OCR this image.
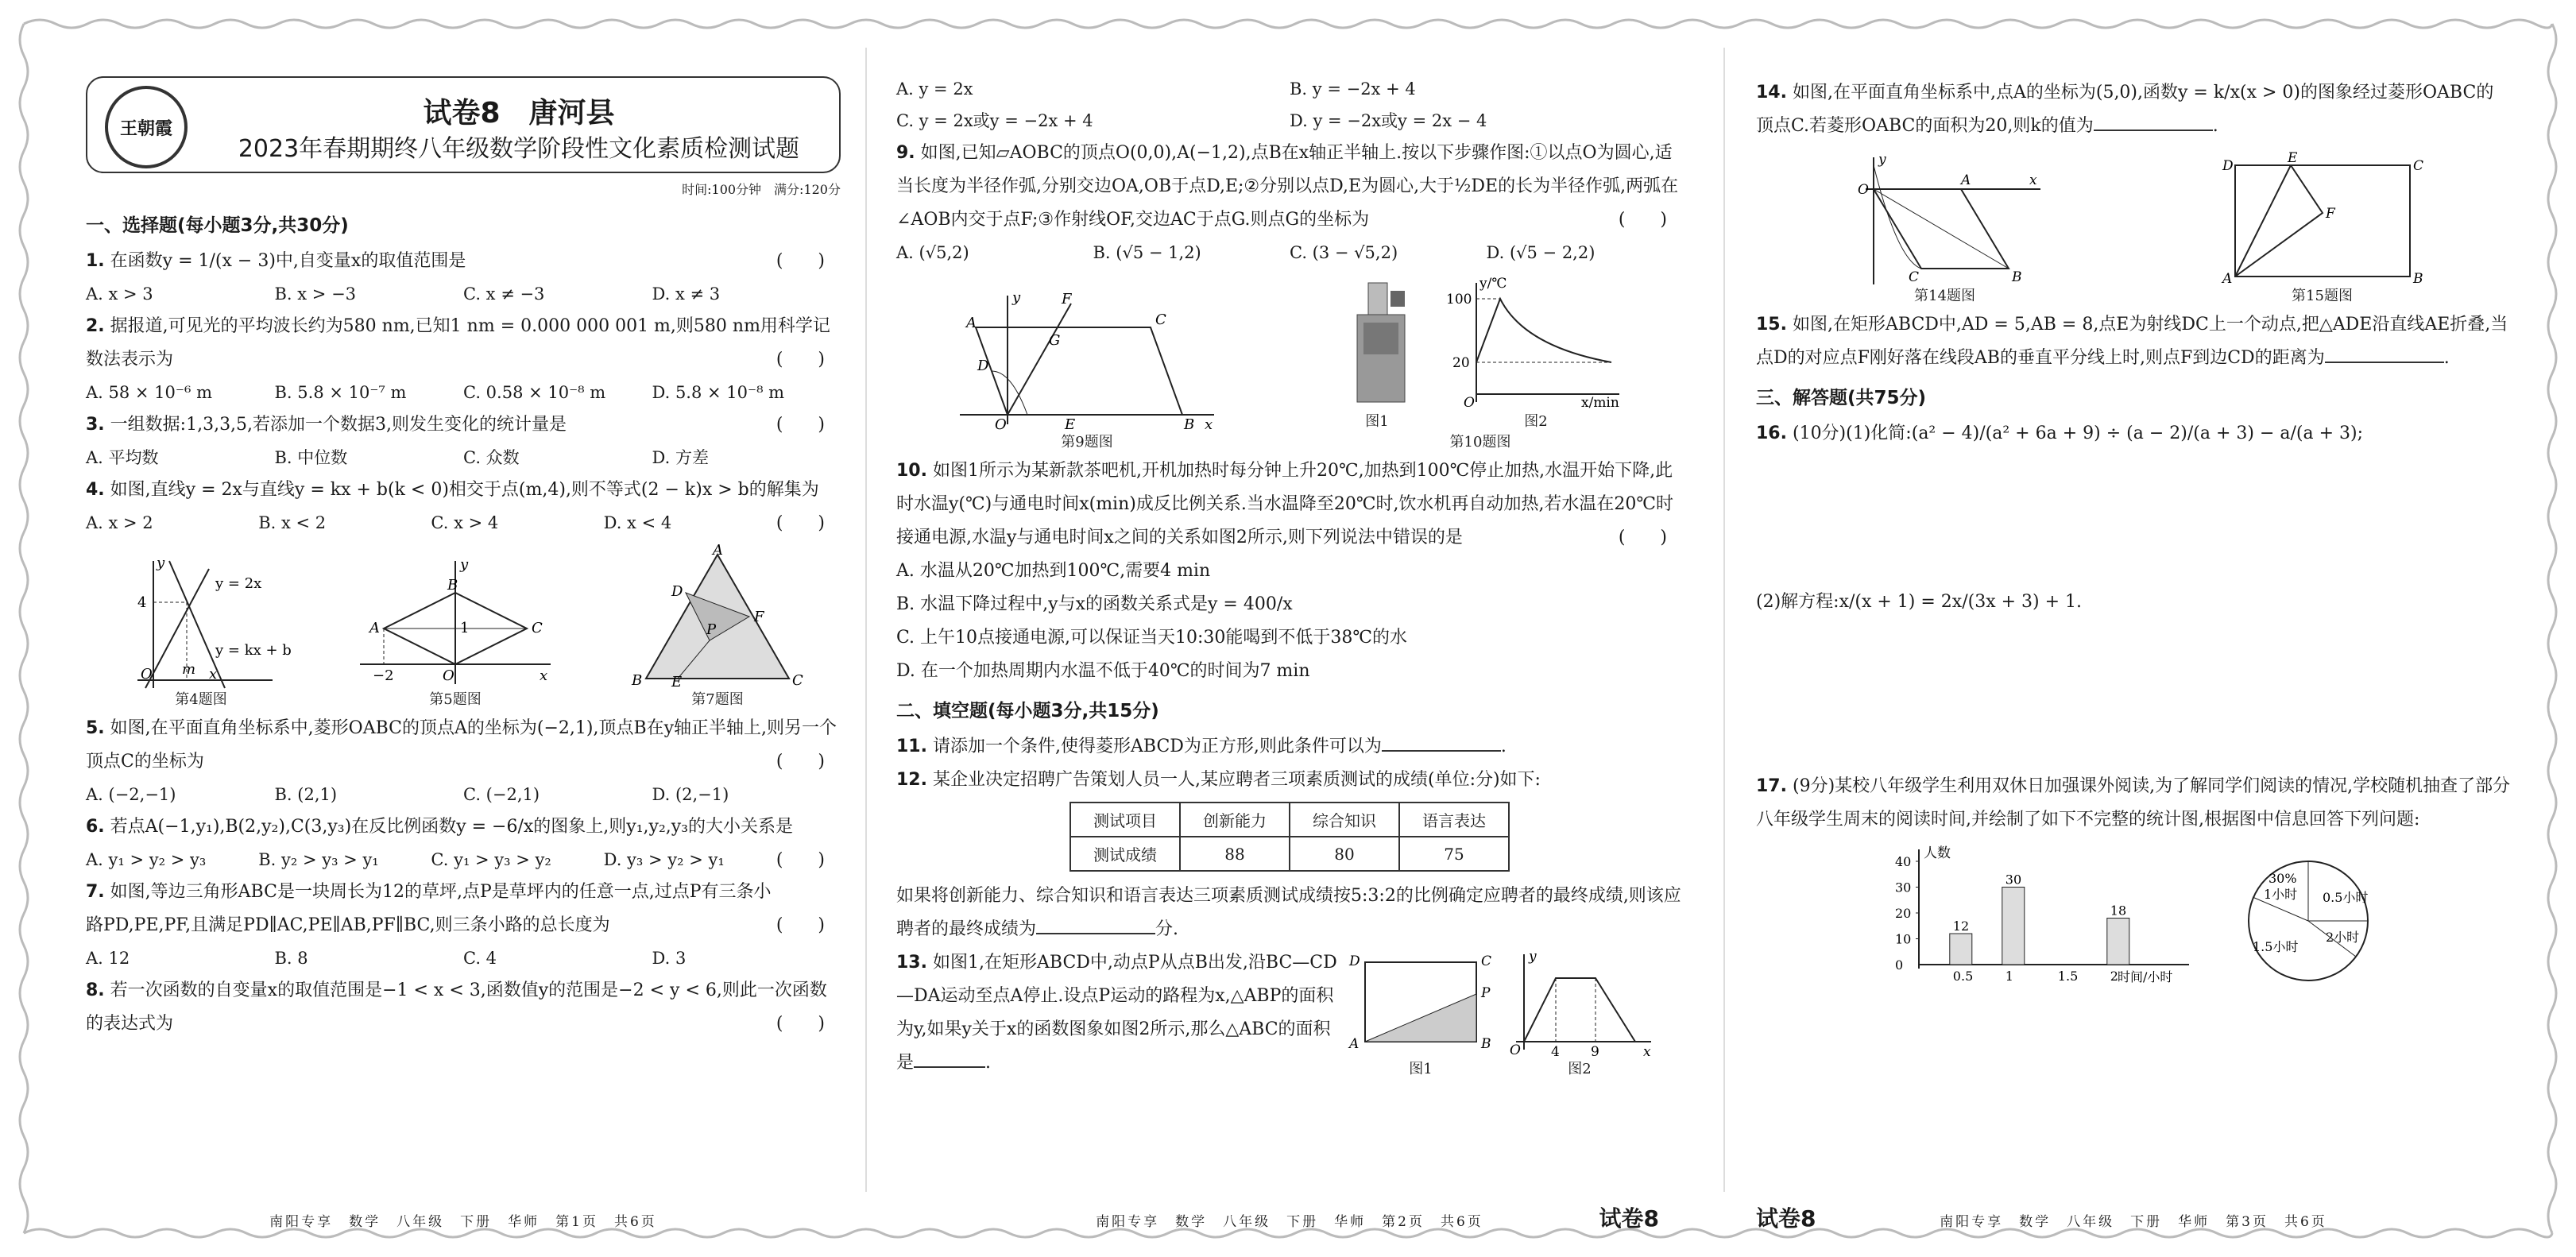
王朝霞	试卷8　唐河县
2023年春期期终八年级数学阶段性文化素质检测试题
时间:100分钟　满分:120分
一、选择题(每小题3分,共30分)

1. 在函数y = 1/(x − 3)中,自变量x的取值范围是	(　　)

A. x > 3	B. x > −3	C. x ≠ −3	D. x ≠ 3

2. 据报道,可见光的平均波长约为580 nm,已知1 nm = 0.000 000 001 m,则580 nm用科学记数法表示为	(　　)

A. 58 × 10⁻⁶ m	B. 5.8 × 10⁻⁷ m	C. 0.58 × 10⁻⁸ m	D. 5.8 × 10⁻⁸ m

3. 一组数据:1,3,3,5,若添加一个数据3,则发生变化的统计量是	(　　)

A. 平均数	B. 中位数	C. 众数	D. 方差

4. 如图,直线y = 2x与直线y = kx + b(k < 0)相交于点(m,4),则不等式(2 − k)x > b的解集为
(　　)

A. x > 2	B. x < 2	C. x > 4	D. x < 4
y = 2x
y = kx + b
4
O m
y
x
第4题图
A
B
C
O
1
−2	x
y
第5题图
A
B	C
D
E
F
P
第7题图

5. 如图,在平面直角坐标系中,菱形OABC的顶点A的坐标为(−2,1),顶点B在y轴正半轴上,则另一个顶点C的坐标为	(　　)

A. (−2,−1)	B. (2,1)	C. (−2,1)	D. (2,−1)

6. 若点A(−1,y₁),B(2,y₂),C(3,y₃)在反比例函数y = −6/x的图象上,则y₁,y₂,y₃的大小关系是
(　　)

A. y₁ > y₂ > y₃	B. y₂ > y₃ > y₁	C. y₁ > y₃ > y₂	D. y₃ > y₂ > y₁

7. 如图,等边三角形ABC是一块周长为12的草坪,点P是草坪内的任意一点,过点P有三条小路PD,PE,PF,且满足PD∥AC,PE∥AB,PF∥BC,则三条小路的总长度为	(　　)

A. 12	B. 8	C. 4	D. 3

8. 若一次函数的自变量x的取值范围是−1 < x < 3,函数值y的范围是−2 < y < 6,则此一次函数的表达式为	(　　)

南阳专享　数学　八年级　下册　华师　第1页　共6页
A. y = 2x	B. y = −2x + 4
C. y = 2x或y = −2x + 4	D. y = −2x或y = 2x − 4

9. 如图,已知▱AOBC的顶点O(0,0),A(−1,2),点B在x轴正半轴上.按以下步骤作图:①以点O为圆心,适当长度为半径作弧,分别交边OA,OB于点D,E;②分别以点D,E为圆心,大于½DE的长为半径作弧,两弧在∠AOB内交于点F;③作射线OF,交边AC于点G.则点G的坐标为	(　　)

A. (√5,2)	B. (√5 − 1,2)	C. (3 − √5,2)	D. (√5 − 2,2)
A	C
D
F
G
O	E	B x
y
第9题图
图1
100
20
y/℃
O	x/min
图2
第10题图

10. 如图1所示为某新款茶吧机,开机加热时每分钟上升20℃,加热到100℃停止加热,水温开始下降,此时水温y(℃)与通电时间x(min)成反比例关系.当水温降至20℃时,饮水机再自动加热,若水温在20℃时接通电源,水温y与通电时间x之间的关系如图2所示,则下列说法中错误的是	(　　)

A. 水温从20℃加热到100℃,需要4 min

B. 水温下降过程中,y与x的函数关系式是y = 400/x

C. 上午10点接通电源,可以保证当天10:30能喝到不低于38℃的水

D. 在一个加热周期内水温不低于40℃的时间为7 min

二、填空题(每小题3分,共15分)

11. 请添加一个条件,使得菱形ABCD为正方形,则此条件可以为	.

12. 某企业决定招聘广告策划人员一人,某应聘者三项素质测试的成绩(单位:分)如下:

测试项目	创新能力	综合知识	语言表达
测试成绩	88	80	75

如果将创新能力、综合知识和语言表达三项素质测试成绩按5:3:2的比例确定应聘者的最终成绩,则该应聘者的最终成绩为	分.

13. 如图1,在矩形ABCD中,动点P从点B出发,沿BC—CD—DA运动至点A停止.设点P运动的路程为x,△ABP的面积为y,如果y关于x的函数图象如图2所示,那么△ABC的面积是	.

D	C
P
A	B
图1
O 4 9	x
y
图2
南阳专享　数学　八年级　下册　华师　第2页　共6页	试卷8

14. 如图,在平面直角坐标系中,点A的坐标为(5,0),函数y = k/x(x > 0)的图象经过菱形OABC的顶点C.若菱形OABC的面积为20,则k的值为	.

O
A
B
C
x
y
第14题图
D	E	C
F
A	B
第15题图

15. 如图,在矩形ABCD中,AD = 5,AB = 8,点E为射线DC上一个动点,把△ADE沿直线AE折叠,当点D的对应点F刚好落在线段AB的垂直平分线上时,则点F到边CD的距离为	.

三、解答题(共75分)

16. (10分)(1)化简:(a² − 4)/(a² + 6a + 9) ÷ (a − 2)/(a + 3) − a/(a + 3);

(2)解方程:x/(x + 1) = 2x/(3x + 3) + 1.

17. (9分)某校八年级学生利用双休日加强课外阅读,为了解同学们阅读的情况,学校随机抽查了部分八年级学生周末的阅读时间,并绘制了如下不完整的统计图,根据图中信息回答下列问题:

人数
时间/小时
0
10
20
30
40
0.5
12
1
30
1.5	2
18
30%
1小时 0.5小时
2小时
1.5小时
南阳专享　数学　八年级　下册　华师　第3页　共6页
试卷8
